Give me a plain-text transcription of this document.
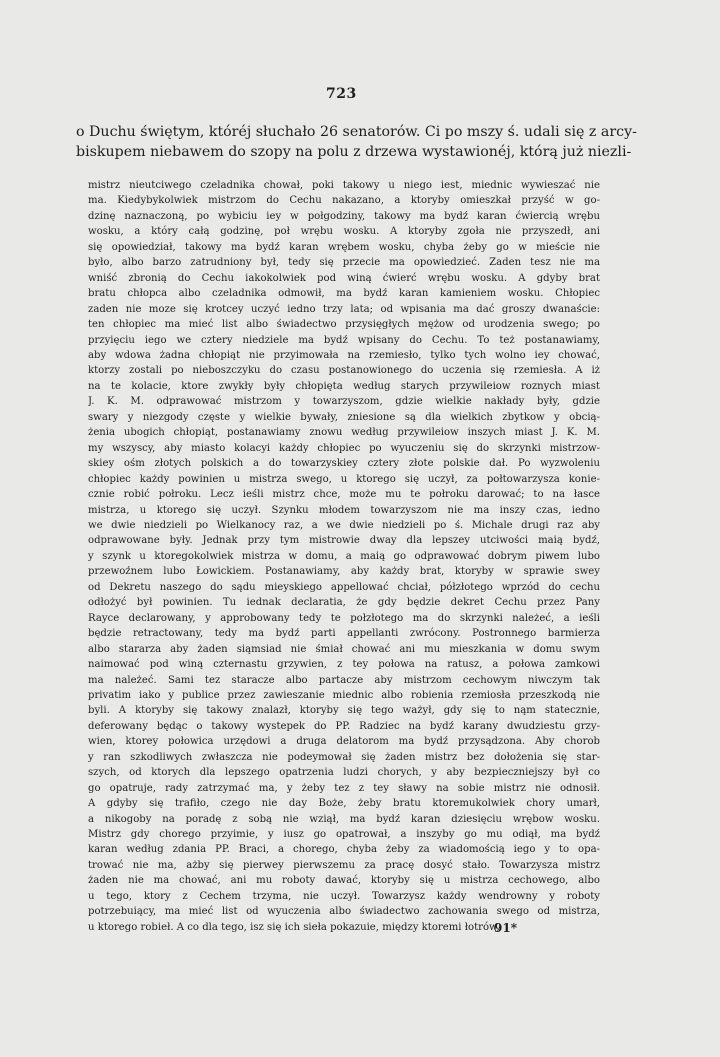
723
o Duchu świętym, któréj słuchało 26 senatorów. Ci po mszy ś. udali się z arcy-
biskupem niebawem do szopy na polu z drzewa wystawionéj, którą już niezli-
mistrz nieutciwego czeladnika chował, poki takowy u niego iest, miednic wywieszać nie
ma. Kiedybykolwiek mistrzom do Cechu nakazano, a ktoryby omieszkał przyść w go-
dzinę naznaczoną, po wybiciu iey w połgodziny, takowy ma bydź karan ćwiercią wrębu
wosku, a który całą godzinę, poł wrębu wosku. A ktoryby zgoła nie przyszedł, ani
się opowiedział, takowy ma bydź karan wrębem wosku, chyba żeby go w mieście nie
było, albo barzo zatrudniony był, tedy się przecie ma opowiedzieć. Zaden tesz nie ma
wniść zbronią do Cechu iakokolwiek pod winą ćwierć wrębu wosku. A gdyby brat
bratu chłopca albo czeladnika odmowił, ma bydź karan kamieniem wosku. Chłopiec
zaden nie moze się krotcey uczyć iedno trzy lata; od wpisania ma dać groszy dwanaście:
ten chłopiec ma mieć list albo świadectwo przysięgłych mężow od urodzenia swego; po
przyięciu iego we cztery niedziele ma bydź wpisany do Cechu. To też postanawiamy,
aby wdowa żadna chłopiąt nie przyimowała na rzemiesło, tylko tych wolno iey chować,
ktorzy zostali po nieboszczyku do czasu postanowionego do uczenia się rzemiesła. A iż
na te kolacie, ktore zwykły były chłopięta według starych przywileiow roznych miast
J. K. M. odprawować mistrzom y towarzyszom, gdzie wielkie nakłady były, gdzie
swary y niezgody częste y wielkie bywały, zniesione są dla wielkich zbytkow y obcią-
żenia ubogich chłopiąt, postanawiamy znowu według przywileiow inszych miast J. K. M.
my wszyscy, aby miasto kolacyi każdy chłopiec po wyuczeniu się do skrzynki mistrzow-
skiey ośm złotych polskich a do towarzyskiey cztery złote polskie dał. Po wyzwoleniu
chłopiec każdy powinien u mistrza swego, u ktorego się uczył, za połtowarzysza konie-
cznie robić połroku. Lecz ieśli mistrz chce, może mu te połroku darować; to na łasce
mistrza, u ktorego się uczył. Szynku młodem towarzyszom nie ma inszy czas, iedno
we dwie niedzieli po Wielkanocy raz, a we dwie niedzieli po ś. Michale drugi raz aby
odprawowane były. Jednak przy tym mistrowie dway dla lepszey utciwości maią bydź,
y szynk u ktoregokolwiek mistrza w domu, a maią go odprawować dobrym piwem lubo
przewoźnem lubo Łowickiem. Postanawiamy, aby każdy brat, ktoryby w sprawie swey
od Dekretu naszego do sądu mieyskiego appellować chciał, półzłotego wprzód do cechu
odłożyć był powinien. Tu iednak declaratia, że gdy będzie dekret Cechu przez Pany
Rayce declarowany, y approbowany tedy te połzłotego ma do skrzynki należeć, a ieśli
będzie retractowany, tedy ma bydź parti appellanti zwrócony. Postronnego barmierza
albo stararza aby żaden siąmsiad nie śmiał chować ani mu mieszkania w domu swym
naimować pod winą czternastu grzywien, z tey połowa na ratusz, a połowa zamkowi
ma należeć. Sami tez staracze albo partacze aby mistrzom cechowym niwczym tak
privatim iako y publice przez zawieszanie miednic albo robienia rzemiosła przeszkodą nie
byli. A ktoryby się takowy znalazł, ktoryby się tego ważył, gdy się to nąm statecznie,
deferowany będąc o takowy wystepek do PP. Radziec na bydź karany dwudziestu grzy-
wien, ktorey połowica urzędowi a druga delatorom ma bydź przysądzona. Aby chorob
y ran szkodliwych zwłaszcza nie podeymował się żaden mistrz bez dołożenia się star-
szych, od ktorych dla lepszego opatrzenia ludzi chorych, y aby bezpieczniejszy był co
go opatruje, rady zatrzymać ma, y żeby tez z tey sławy na sobie mistrz nie odnosił.
A gdyby się trafiło, czego nie day Boże, żeby bratu ktoremukolwiek chory umarł,
a nikogoby na poradę z sobą nie wziął, ma bydź karan dziesięciu wrębow wosku.
Mistrz gdy chorego przyimie, y iusz go opatrował, a inszyby go mu odiął, ma bydź
karan według zdania PP. Braci, a chorego, chyba żeby za wiadomością iego y to opa-
trować nie ma, ażby się pierwey pierwszemu za pracę dosyć stało. Towarzysza mistrz
żaden nie ma chować, ani mu roboty dawać, ktoryby się u mistrza cechowego, albo
u tego, ktory z Cechem trzyma, nie uczył. Towarzysz każdy wendrowny y roboty
potrzebuiący, ma mieć list od wyuczenia albo świadectwo zachowania swego od mistrza,
u ktorego robieł. A co dla tego, isz się ich sieła pokazuie, między ktoremi łotrów,
91*
